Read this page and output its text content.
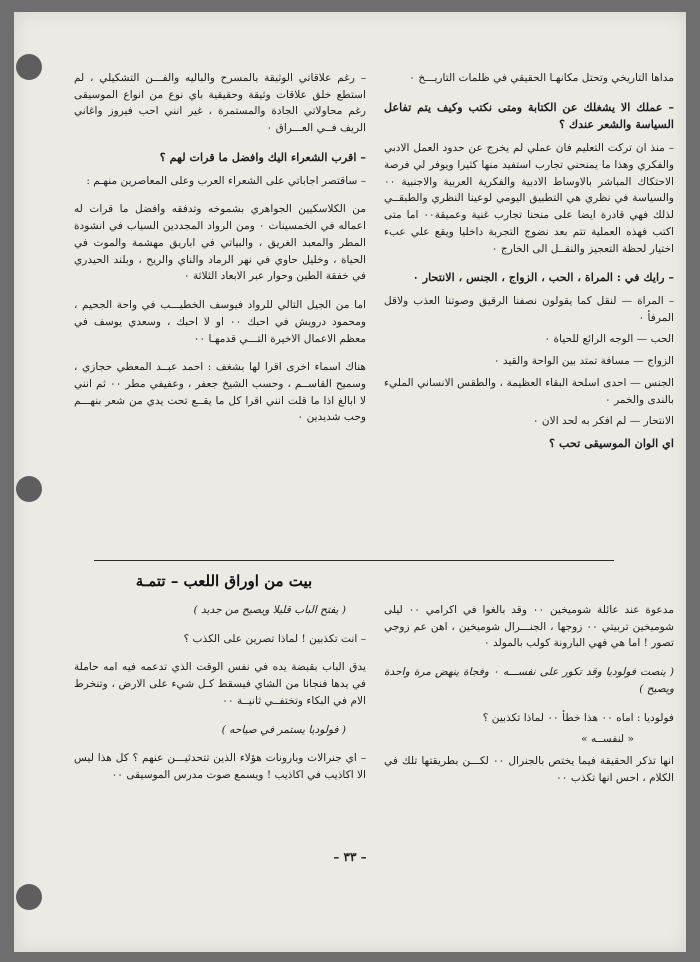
مداها التاريخي وتحتل مكانهـا الحقيقي في ظلمات التاريـــخ ٠

– عملك الا يشغلك عن الكتابة ومتى نكتب وكيف يتم تفاعل السياسة والشعر عندك ؟

– منذ ان تركت التعليم فان عملي لم يخرج عن حدود العمل الادبي والفكري وهذا ما يمنحني تجارب استفيد منها كثيرا ويوفر لي فرصة الاحتكاك المباشر بالاوساط الادبية والفكرية العربية والاجنبية ٠٠ والسياسة في نظري هي التطبيق اليومي لوعينا النظري والطبقــي لذلك فهي قادرة ايضا على منحنا تجارب غنية وعميقة٠٠ اما متى اكتب فهذه العملية تتم بعد نضوج التجربة داخليا ويقع علي عبء اختيار لحظة التعجيز والنقــل الى الخارج ٠

– رايك في : المراة ، الحب ، الزواج ، الجنس ، الانتحار ٠

– المراة — لنقل كما يقولون نصفنا الرقيق وصوتنا العذب ولاقل المرفأ ٠

الحب — الوجه الرائع للحياة ٠

الزواج — مسافة تمتد بين الواحة والقيد ٠

الجنس — احدى اسلحة البقاء العظيمة ، والطقس الانساني المليء بالندى والخمر ٠

الانتحار — لم افكر به لحد الان ٠

اي الوان الموسيقى تحب ؟

– رغم علاقاتي الوثيقة بالمسرح والباليه والفـــن التشكيلي ، لم استطع خلق علاقات وثيقة وحقيقية باي نوع من انواع الموسيقى رغم محاولاتي الجادة والمستمرة ، غير انني احب فيروز واغاني الريف فــي العـــراق ٠

– اقرب الشعراء اليك وافضل ما قرات لهم ؟

– ساقتصر اجاباتي على الشعراء العرب وعلى المعاصرين منهـم :

من الكلاسكيين الجواهري بشموخه وتدفقه وافضل ما قرات له اعماله في الخمسينات ٠ ومن الرواد المجددين السياب في انشودة المطر والمعبد الغريق ، والبياتي في اباريق مهشمة والموت في الحياة ، وخليل حاوي في نهر الرماد والناي والريح ، وبلند الحيدري في خفقة الطين وحوار عبر الابعاد الثلاثة ٠

اما من الجيل التالي للرواد فيوسف الخطيـــب في واحة الجحيم ، ومحمود درويش في احبك ٠٠ او لا احبك ، وسعدي يوسف في معظم الاعمال الاخيرة التـــي قدمهـا ٠٠

هناك اسماء اخرى اقرا لها بشغف : احمد عبــد المعطي حجازي ، وسميح القاســم ، وحسب الشيخ جعفر ، وعفيفي مطر ٠٠ ثم انني لا ابالغ اذا ما قلت انني اقرا كل ما يقــع تحت يدي من شعر بنهـــم وحب شديدين ٠

بيت من اوراق اللعب – تتمـة

مدعوة عند عائلة شوميخين ٠٠ وقد بالغوا في اكرامي ٠٠ ليلى شوميخين تربيتي ٠٠ زوجها ، الجنـــرال شوميخين ، اهن عم زوجي تصور ! اما هي فهي البارونة كولب بالمولد ٠

( ينصت فولوديا وقد تكور على نفســـه ٠ وفجاة ينهض مرة واحدة ويصيح )

فولوديا : اماه ٠٠ هذا خطأ ٠٠ لماذا تكذبين ؟

« لنفســه »

انها تذكر الحقيقة فيما يختص بالجنرال ٠٠ لكـــن بطريقتها تلك في الكلام ، احس انها تكذب ٠٠

( يفتح الباب قليلا ويصيح من جديد )

– انت تكذبين ! لماذا تصرين على الكذب ؟

يدق الباب بقبضة يده في نفس الوقت الذي تدعمه فيه امه حاملة في يدها فنجانا من الشاي فيسقط كـل شيء على الارض ، وتنخرط الام في البكاء وتختفــي ثانيــة ٠٠

( فولوديا يستمر في صياحه )

– اي جنرالات وبارونات هؤلاء الذين تتحدثيـــن عنهم ؟ كل هذا ليس الا اكاذيب في اكاذيب ! ويسمع صوت مدرس الموسيقى ٠٠

– ٣٣ –
